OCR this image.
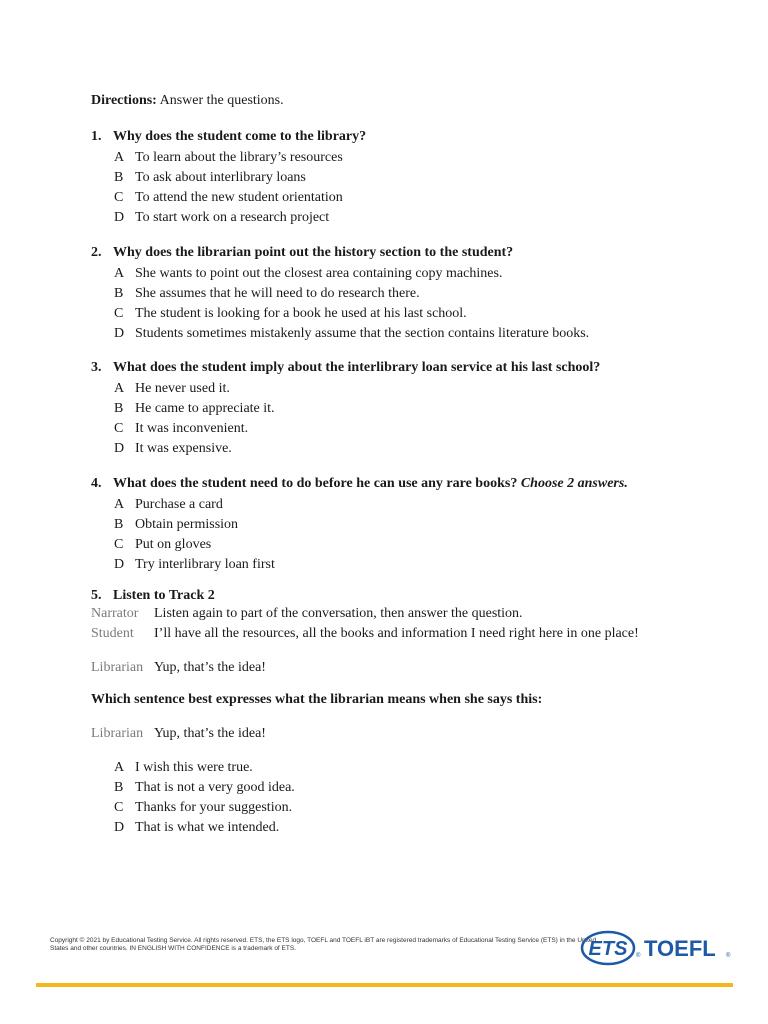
Directions: Answer the questions.
1. Why does the student come to the library?
A To learn about the library’s resources
B To ask about interlibrary loans
C To attend the new student orientation
D To start work on a research project
2. Why does the librarian point out the history section to the student?
A She wants to point out the closest area containing copy machines.
B She assumes that he will need to do research there.
C The student is looking for a book he used at his last school.
D Students sometimes mistakenly assume that the section contains literature books.
3. What does the student imply about the interlibrary loan service at his last school?
A He never used it.
B He came to appreciate it.
C It was inconvenient.
D It was expensive.
4. What does the student need to do before he can use any rare books?
Choose 2 answers.
A Purchase a card
B Obtain permission
C Put on gloves
D Try interlibrary loan first
5. Listen to Track 2
Narrator	Listen again to part of the conversation, then answer the question.
Student	I’ll have all the resources, all the books and information I need right here in one place!
Librarian Yup, that’s the idea!
Which sentence best expresses what the librarian means when she says this:
Librarian Yup, that’s the idea!
A I wish this were true.
B That is not a very good idea.
C Thanks for your suggestion.
D That is what we intended.
Copyright © 2021 by Educational Testing Service. All rights reserved. ETS, the ETS logo, TOEFL and TOEFL iBT are registered trademarks of Educational Testing Service (ETS) in the United States and other countries. IN ENGLISH WITH CONFIDENCE is a trademark of ETS.	ETS ® TOEFL ®
